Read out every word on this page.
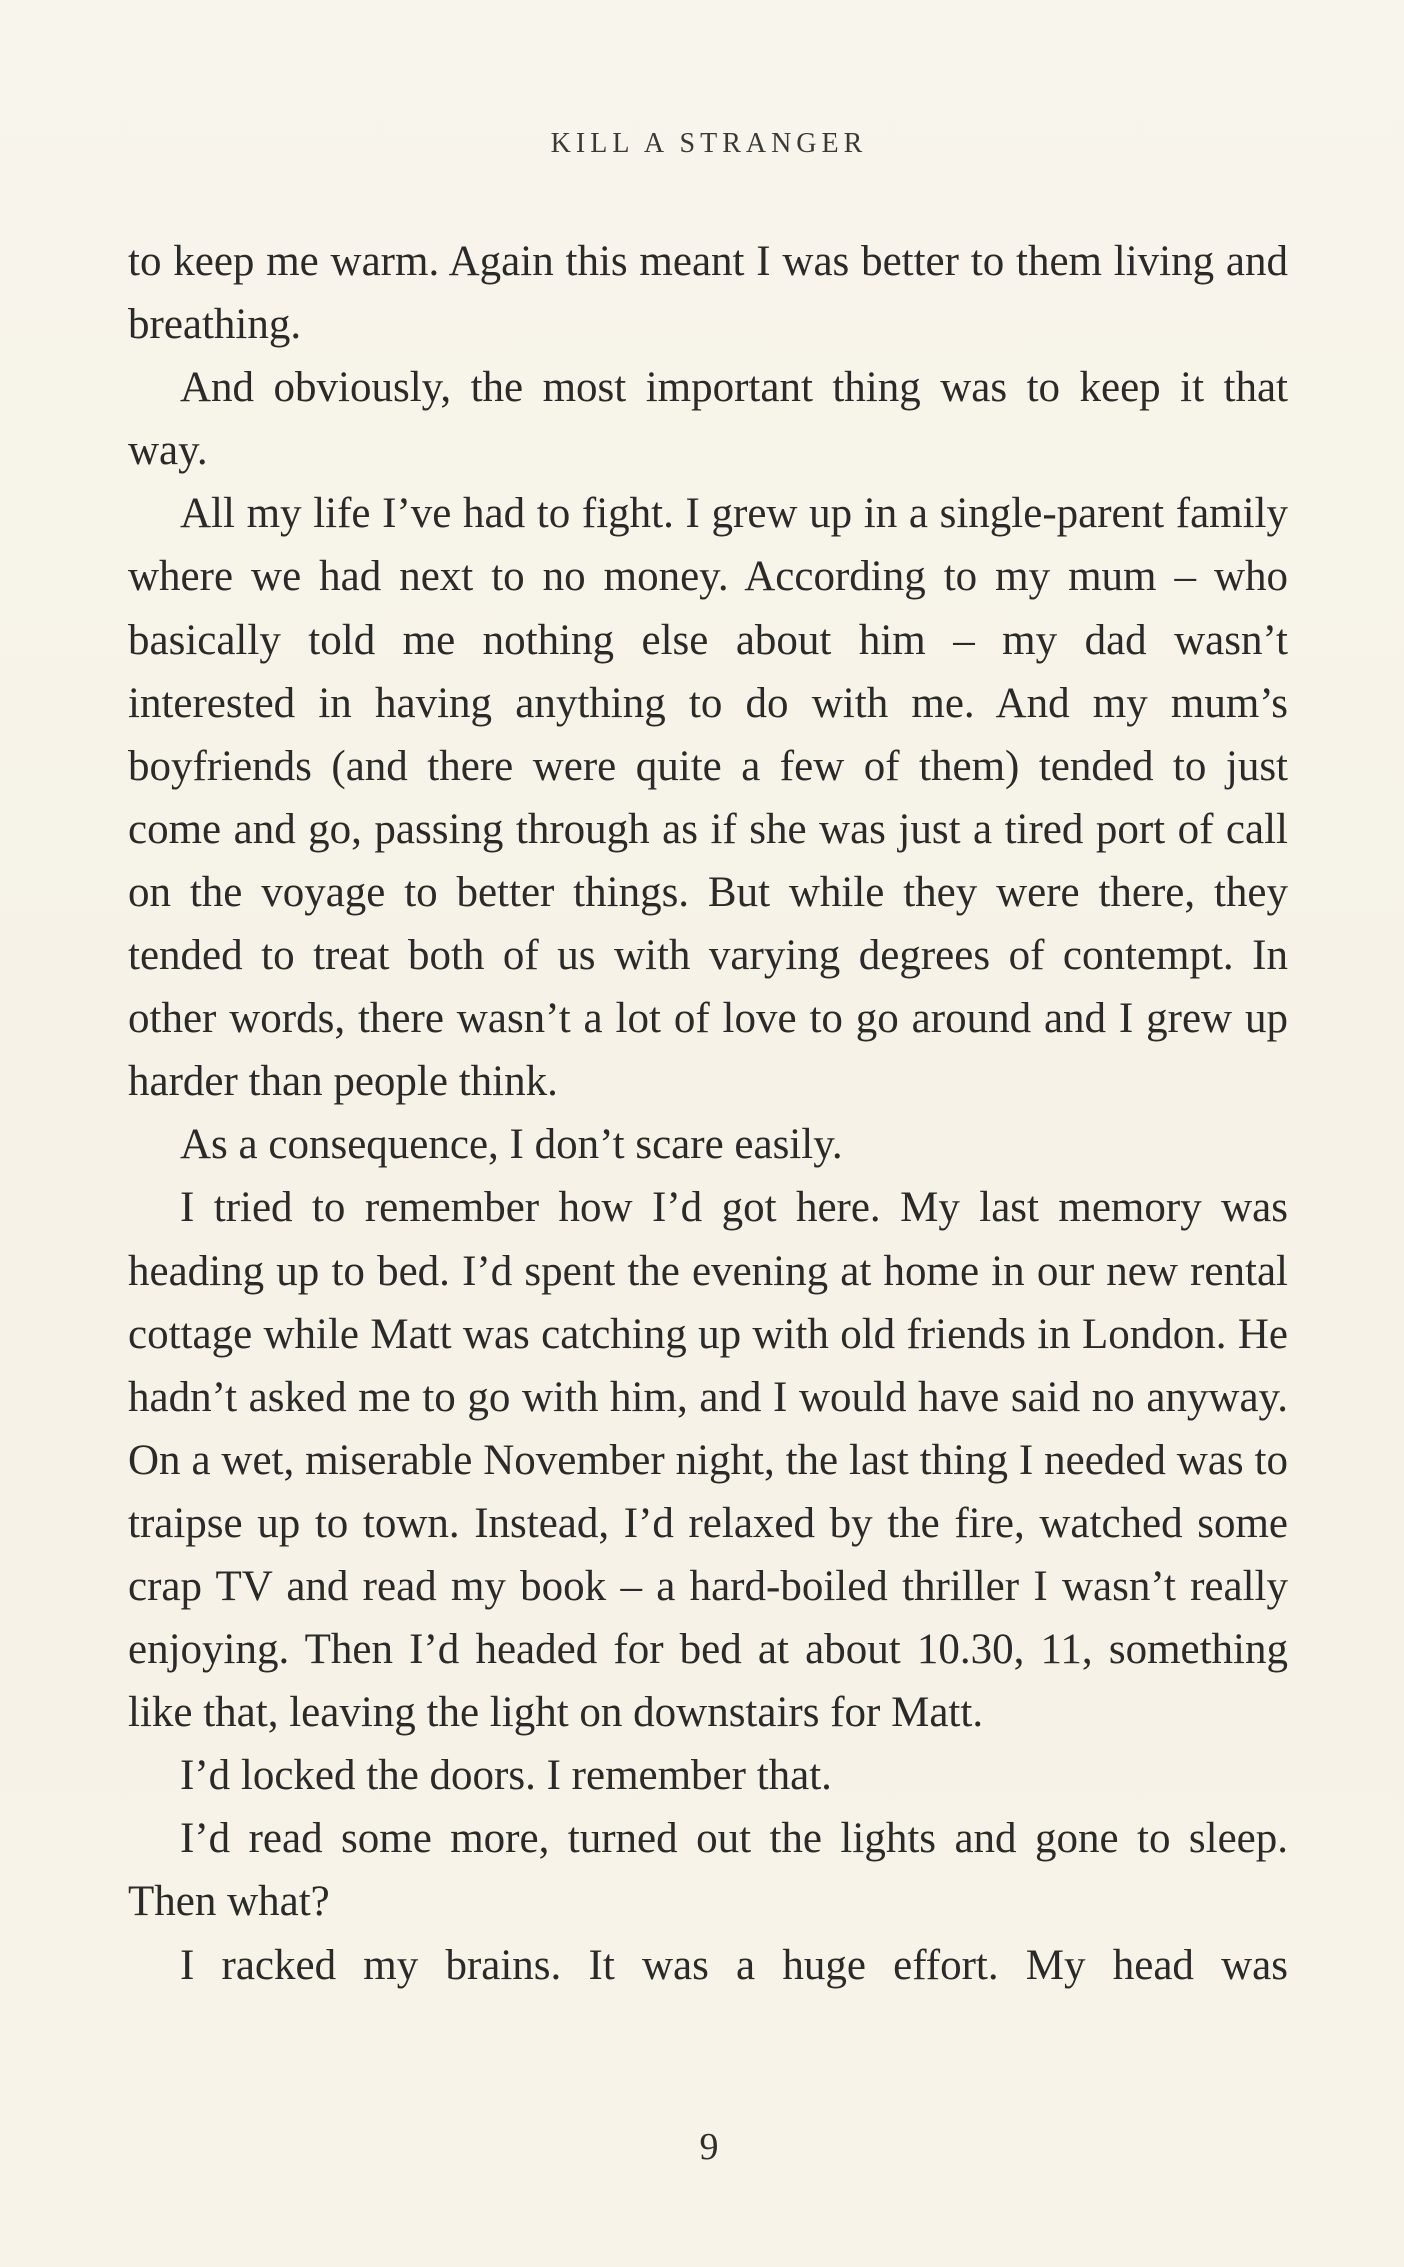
KILL A STRANGER

to keep me warm. Again this meant I was better to them living and breathing.

And obviously, the most important thing was to keep it that way.

All my life I’ve had to fight. I grew up in a single-parent family where we had next to no money. According to my mum – who basically told me nothing else about him – my dad wasn’t interested in having anything to do with me. And my mum’s boyfriends (and there were quite a few of them) tended to just come and go, passing through as if she was just a tired port of call on the voyage to better things. But while they were there, they tended to treat both of us with varying degrees of contempt. In other words, there wasn’t a lot of love to go around and I grew up harder than people think.

As a consequence, I don’t scare easily.

I tried to remember how I’d got here. My last memory was heading up to bed. I’d spent the evening at home in our new rental cottage while Matt was catching up with old friends in London. He hadn’t asked me to go with him, and I would have said no anyway. On a wet, miserable November night, the last thing I needed was to traipse up to town. Instead, I’d relaxed by the fire, watched some crap TV and read my book – a hard-boiled thriller I wasn’t really enjoying. Then I’d headed for bed at about 10.30, 11, something like that, leaving the light on downstairs for Matt.

I’d locked the doors. I remember that.

I’d read some more, turned out the lights and gone to sleep. Then what?

I racked my brains. It was a huge effort. My head was

9
